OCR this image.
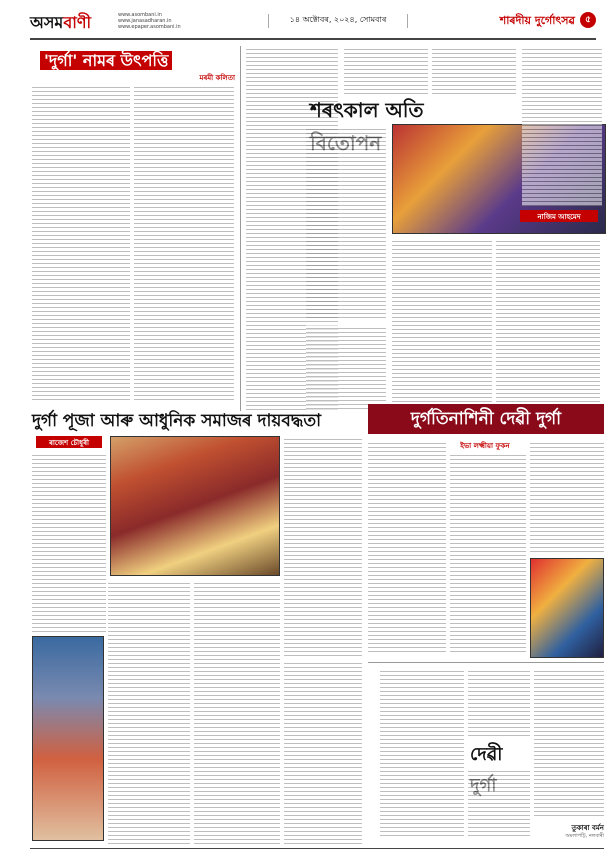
অসমবাণী	www.asombani.in
www.janasadharan.in
www.epaper.asombani.in
১৪ অক্টোবৰ, ২০২৪, সোমবাৰ	শাৰদীয় দুৰ্গোৎসৱ	৫
'দুৰ্গা' নামৰ উৎপত্তি
মৰমী কলিতা
শৰৎকাল অতি
নাজিম আহমেদ
দুৰ্গা পূজা আৰু আধুনিক সমাজৰ দায়বদ্ধতা
ৰাজেশ চৌধুৰী
দুৰ্গতিনাশিনী দেৱী দুৰ্গা
ইভা লক্ষ্মীয়া ফুকন
দেৱী
তুকাৰা বৰ্মন
অমলাপট্টি, নলবাৰী
